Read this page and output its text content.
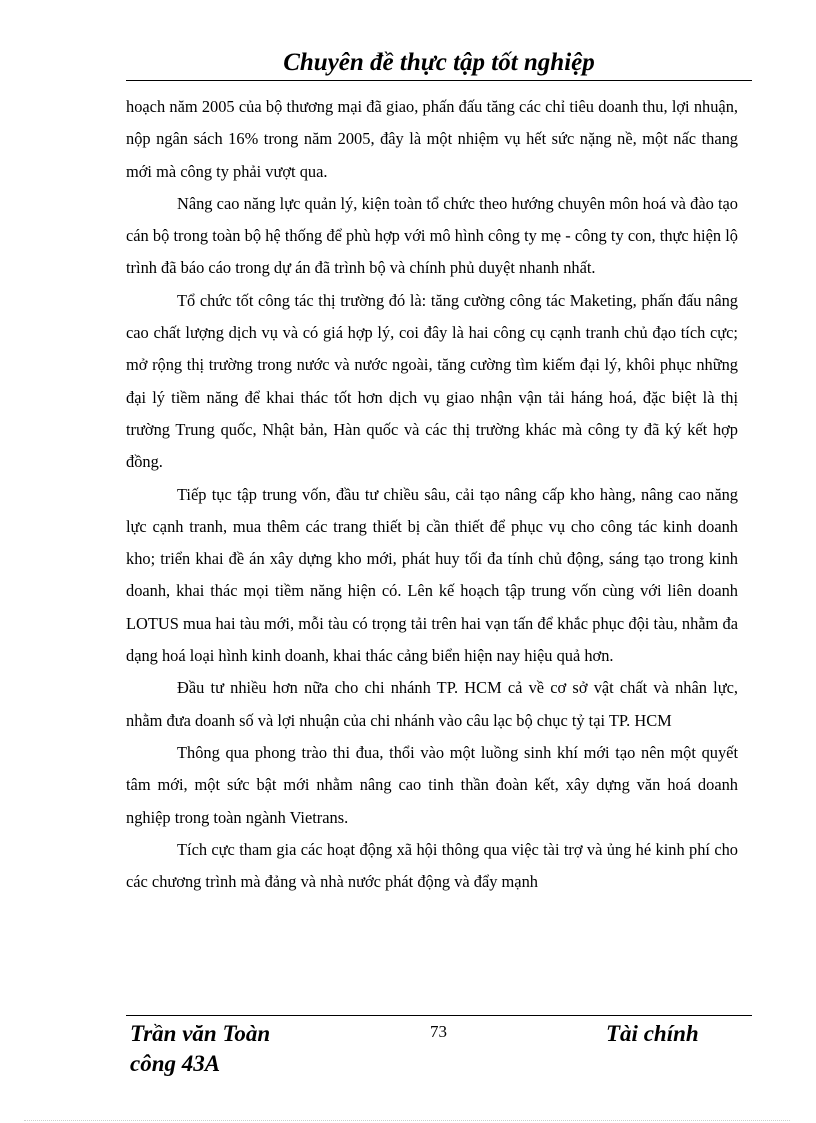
Chuyên đề thực tập tốt nghiệp

hoạch năm 2005 của bộ thương mại đã giao, phấn đấu tăng các chỉ tiêu doanh thu, lợi nhuận, nộp ngân sách 16% trong năm 2005, đây là một nhiệm vụ hết sức nặng nề, một nấc thang mới mà công ty phải vượt qua.

Nâng cao năng lực quản lý, kiện toàn tổ chức theo hướng chuyên môn hoá và đào tạo cán bộ trong toàn bộ hệ thống để phù hợp với mô hình công ty mẹ - công ty con, thực hiện lộ trình đã báo cáo trong dự án đã trình bộ và chính phủ duyệt nhanh nhất.

Tổ chức tốt công tác thị trường đó là: tăng cường công tác Maketing, phấn đấu nâng cao chất lượng dịch vụ và có giá hợp lý, coi đây là hai công cụ cạnh tranh chủ đạo tích cực; mở rộng thị trường trong nước và nước ngoài, tăng cường tìm kiếm đại lý, khôi phục những đại lý tiềm năng để khai thác tốt hơn dịch vụ giao nhận vận tải háng hoá, đặc biệt là thị trường Trung quốc, Nhật bản, Hàn quốc và các thị trường khác mà công ty đã ký kết hợp đồng.

Tiếp tục tập trung vốn, đầu tư chiều sâu, cải tạo nâng cấp kho hàng, nâng cao năng lực cạnh tranh, mua thêm các trang thiết bị cần thiết để phục vụ cho công tác kinh doanh kho; triển khai đề án xây dựng kho mới, phát huy tối đa tính chủ động, sáng tạo trong kinh doanh, khai thác mọi tiềm năng hiện có. Lên kế hoạch tập trung vốn cùng với liên doanh LOTUS mua hai tàu mới, mỗi tàu có trọng tải trên hai vạn tấn để khắc phục đội tàu, nhằm đa dạng hoá loại hình kinh doanh, khai thác cảng biển hiện nay hiệu quả hơn.

Đầu tư nhiều hơn nữa cho chi nhánh TP. HCM cả về cơ sở vật chất và nhân lực, nhằm đưa doanh số và lợi nhuận của chi nhánh vào câu lạc bộ chục tỷ tại TP. HCM

Thông qua phong trào thi đua, thổi vào một luồng sinh khí mới tạo nên một quyết tâm mới, một sức bật mới nhằm nâng cao tinh thần đoàn kết, xây dựng văn hoá doanh nghiệp trong toàn ngành Vietrans.

Tích cực tham gia các hoạt động xã hội thông qua việc tài trợ và ủng hé kinh phí cho các chương trình mà đảng và nhà nước phát động và đẩy mạnh

Trần văn Toàn
công 43A
73	Tài chính
